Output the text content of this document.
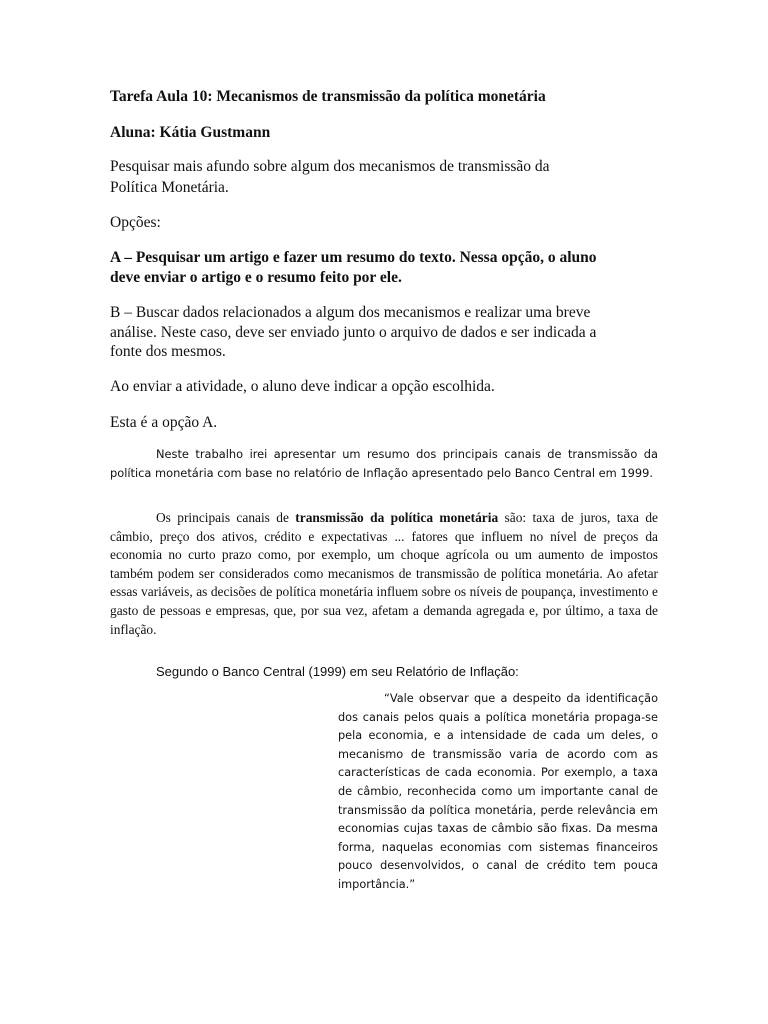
Tarefa Aula 10: Mecanismos de transmissão da política monetária
Aluna: Kátia Gustmann
Pesquisar mais afundo sobre algum dos mecanismos de transmissão da
Política Monetária.
Opções:
A – Pesquisar um artigo e fazer um resumo do texto. Nessa opção, o aluno
deve enviar o artigo e o resumo feito por ele.
B – Buscar dados relacionados a algum dos mecanismos e realizar uma breve
análise. Neste caso, deve ser enviado junto o arquivo de dados e ser indicada a
fonte dos mesmos.
Ao enviar a atividade, o aluno deve indicar a opção escolhida.
Esta é a opção A.

Neste trabalho irei apresentar um resumo dos principais canais de transmissão da política monetária com base no relatório de Inflação apresentado pelo Banco Central em 1999.

Os principais canais de transmissão da política monetária são: taxa de juros, taxa de câmbio, preço dos ativos, crédito e expectativas ... fatores que influem no nível de preços da economia no curto prazo como, por exemplo, um choque agrícola ou um aumento de impostos também podem ser considerados como mecanismos de transmissão de política monetária. Ao afetar essas variáveis, as decisões de política monetária influem sobre os níveis de poupança, investimento e gasto de pessoas e empresas, que, por sua vez, afetam a demanda agregada e, por último, a taxa de inflação.

Segundo o Banco Central (1999) em seu Relatório de Inflação:

“Vale observar que a despeito da identificação dos canais pelos quais a política monetária propaga-se pela economia, e a intensidade de cada um deles, o mecanismo de transmissão varia de acordo com as características de cada economia. Por exemplo, a taxa de câmbio, reconhecida como um importante canal de transmissão da política monetária, perde relevância em economias cujas taxas de câmbio são fixas. Da mesma forma, naquelas economias com sistemas financeiros pouco desenvolvidos, o canal de crédito tem pouca importância.”
